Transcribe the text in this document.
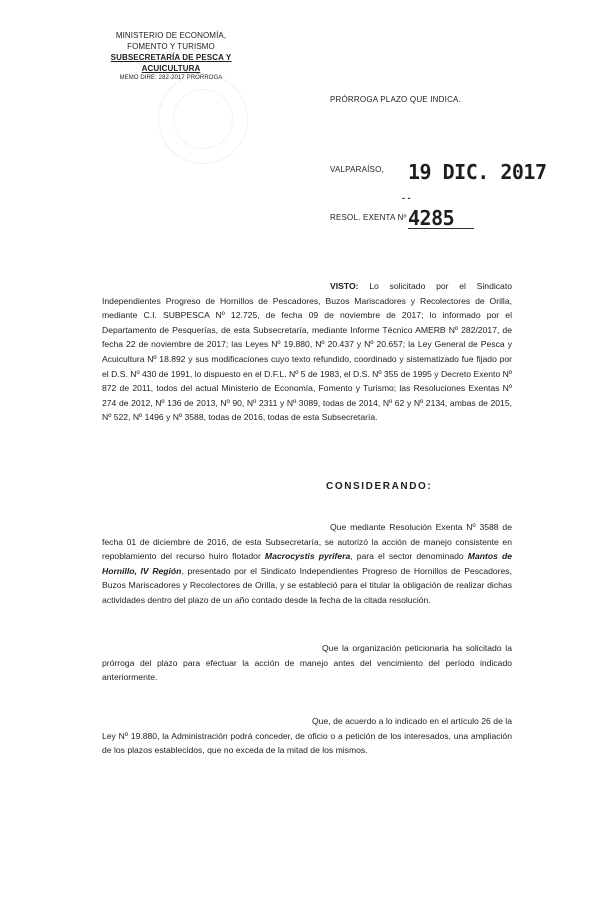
MINISTERIO DE ECONOMÍA,
FOMENTO Y TURISMO
SUBSECRETARÍA DE PESCA Y ACUICULTURA
MEMO DIRE: 282-2017 PRÓRROGA
PRÓRROGA PLAZO QUE INDICA.
VALPARAÍSO, 19 DIC. 2017
- -
RESOL. EXENTA Nº 4285
VISTO: Lo solicitado por el Sindicato Independientes Progreso de Hornillos de Pescadores, Buzos Mariscadores y Recolectores de Orilla, mediante C.I. SUBPESCA Nº 12.725, de fecha 09 de noviembre de 2017; lo informado por el Departamento de Pesquerías, de esta Subsecretaría, mediante Informe Técnico AMERB Nº 282/2017, de fecha 22 de noviembre de 2017; las Leyes Nº 19.880, Nº 20.437 y Nº 20.657; la Ley General de Pesca y Acuicultura Nº 18.892 y sus modificaciones cuyo texto refundido, coordinado y sistematizado fue fijado por el D.S. Nº 430 de 1991, lo dispuesto en el D.F.L. Nº 5 de 1983, el D.S. Nº 355 de 1995 y Decreto Exento Nº 872 de 2011, todos del actual Ministerio de Economía, Fomento y Turismo; las Resoluciones Exentas Nº 274 de 2012, Nº 136 de 2013, Nº 90, Nº 2311 y Nº 3089, todas de 2014, Nº 62 y Nº 2134, ambas de 2015, Nº 522, Nº 1496 y Nº 3588, todas de 2016, todas de esta Subsecretaría.
CONSIDERANDO:
Que mediante Resolución Exenta Nº 3588 de fecha 01 de diciembre de 2016, de esta Subsecretaría, se autorizó la acción de manejo consistente en repoblamiento del recurso huiro flotador Macrocystis pyrifera, para el sector denominado Mantos de Hornillo, IV Región, presentado por el Sindicato Independientes Progreso de Hornillos de Pescadores, Buzos Mariscadores y Recolectores de Orilla, y se estableció para el titular la obligación de realizar dichas actividades dentro del plazo de un año contado desde la fecha de la citada resolución.
Que la organización peticionaria ha solicitado la prórroga del plazo para efectuar la acción de manejo antes del vencimiento del período indicado anteriormente.
Que, de acuerdo a lo indicado en el artículo 26 de la Ley Nº 19.880, la Administración podrá conceder, de oficio o a petición de los interesados, una ampliación de los plazos establecidos, que no exceda de la mitad de los mismos.
